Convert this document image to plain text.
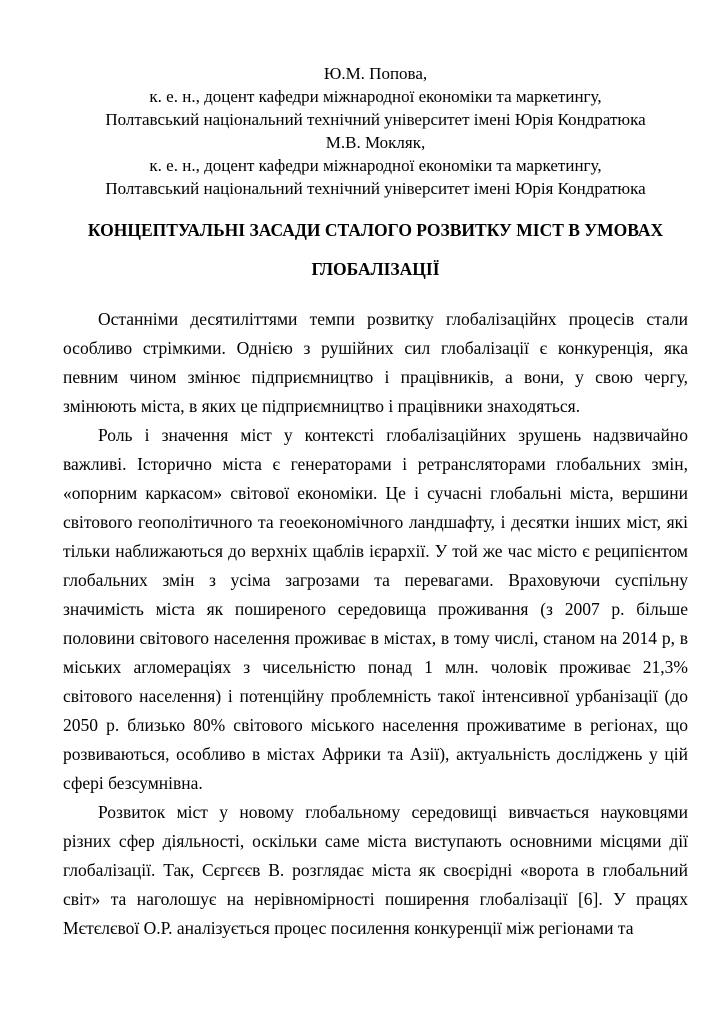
Ю.М. Попова,
к. е. н., доцент кафедри міжнародної економіки та маркетингу,
Полтавський національний технічний університет імені Юрія Кондратюка
М.В. Мокляк,
к. е. н., доцент кафедри міжнародної економіки та маркетингу,
Полтавський національний технічний університет імені Юрія Кондратюка
КОНЦЕПТУАЛЬНІ ЗАСАДИ СТАЛОГО РОЗВИТКУ МІСТ В УМОВАХ
ГЛОБАЛІЗАЦІЇ

Останніми десятиліттями темпи розвитку глобалізаційнх процесів стали особливо стрімкими. Однією з рушійних сил глобалізації є конкуренція, яка певним чином змінює підприємництво і працівників, а вони, у свою чергу, змінюють міста, в яких це підприємництво і працівники знаходяться.

Роль і значення міст у контексті глобалізаційних зрушень надзвичайно важливі. Історично міста є генераторами і ретрансляторами глобальних змін, «опорним каркасом» світової економіки. Це і сучасні глобальні міста, вершини світового геополітичного та геоекономічного ландшафту, і десятки інших міст, які тільки наближаються до верхніх щаблів ієрархії. У той же час місто є реципієнтом глобальних змін з усіма загрозами та перевагами. Враховуючи суспільну значимість міста як поширеного середовища проживання (з 2007 р. більше половини світового населення проживає в містах, в тому числі, станом на 2014 р, в міських агломераціях з чисельністю понад 1 млн. чоловік проживає 21,3% світового населення) і потенційну проблемність такої інтенсивної урбанізації (до 2050 р. близько 80% світового міського населення проживатиме в регіонах, що розвиваються, особливо в містах Африки та Азії), актуальність досліджень у цій сфері безсумнівна.

Розвиток міст у новому глобальному середовищі вивчається науковцями різних сфер діяльності, оскільки саме міста виступають основними місцями дії глобалізації. Так, Сєргєєв В. розглядає міста як своєрідні «ворота в глобальний світ» та наголошує на нерівномірності поширення глобалізації [6]. У працях Мєтєлєвої О.Р. аналізується процес посилення конкуренції між регіонами та
